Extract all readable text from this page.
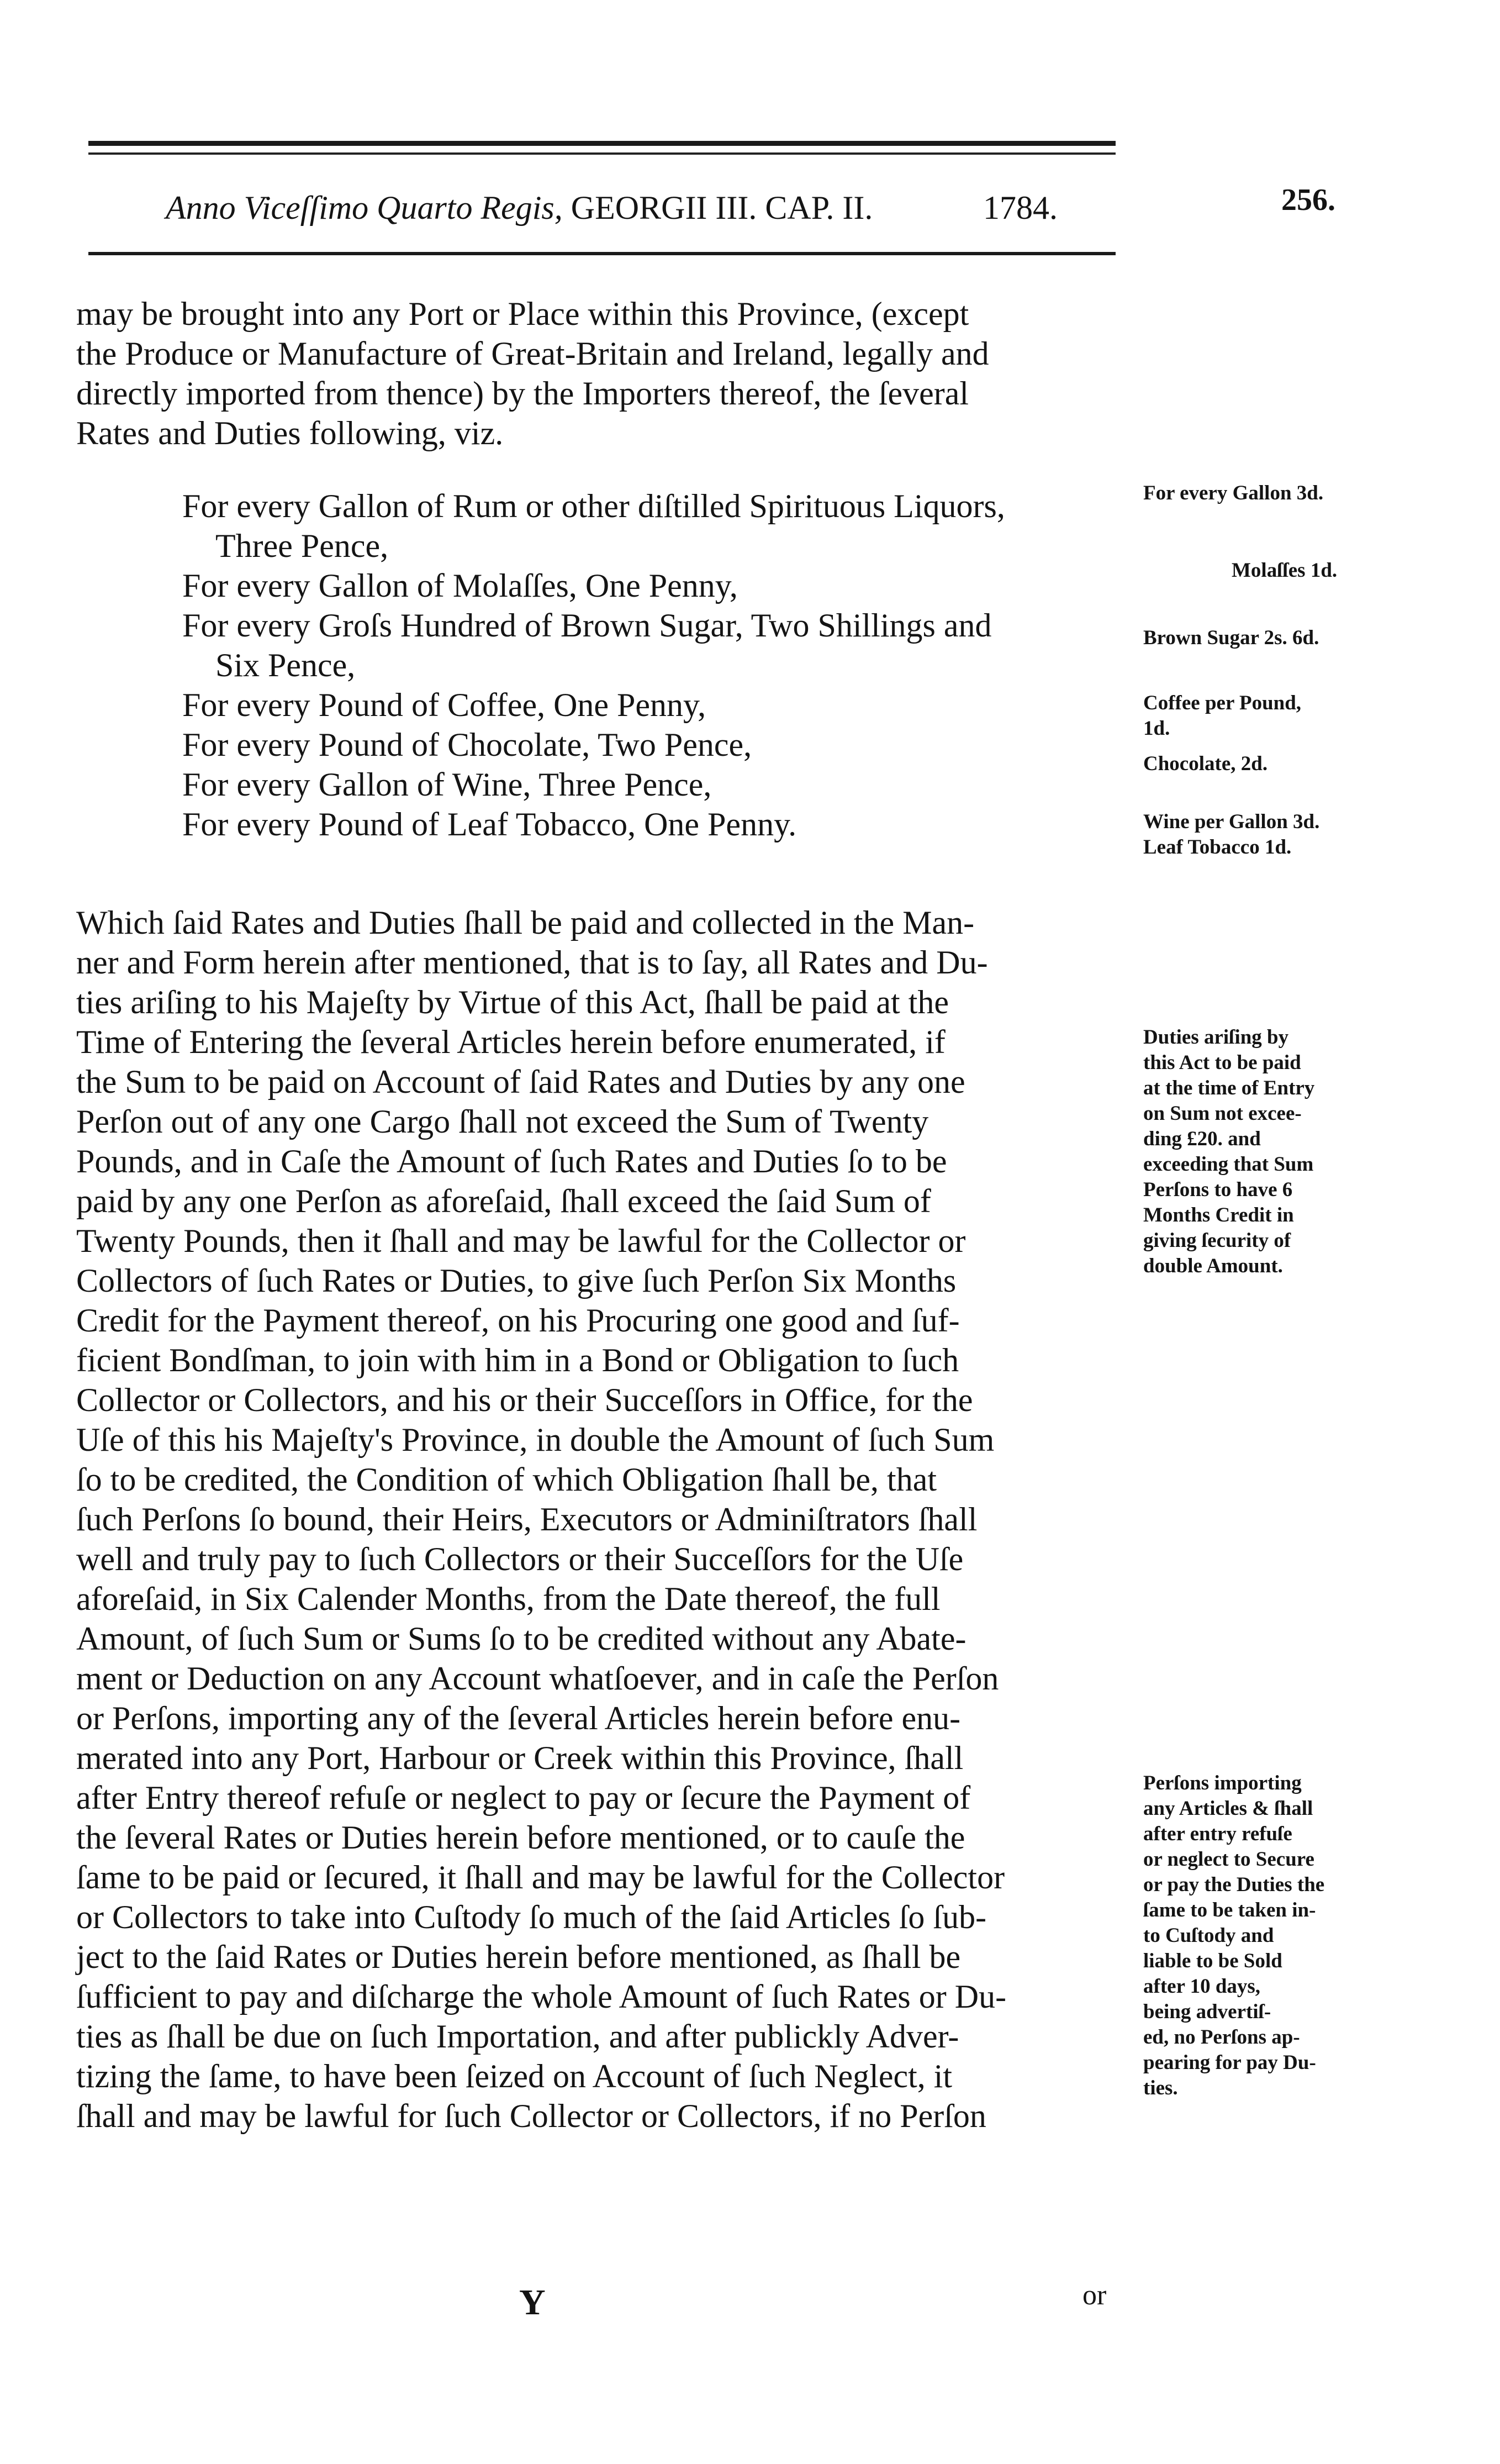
Anno Viceſſimo Quarto Regis, GEORGII III. CAP. II.	1784.	256.
may be brought into any Port or Place within this Province, (except
the Produce or Manufacture of Great-Britain and Ireland, legally and
directly imported from thence) by the Importers thereof, the ſeveral
Rates and Duties following, viz.
For every Gallon of Rum or other diſtilled Spirituous Liquors,
Three Pence,
For every Gallon of Molaſſes, One Penny,
For every Groſs Hundred of Brown Sugar, Two Shillings and
Six Pence,
For every Pound of Coffee, One Penny,
For every Pound of Chocolate, Two Pence,
For every Gallon of Wine, Three Pence,
For every Pound of Leaf Tobacco, One Penny.
Which ſaid Rates and Duties ſhall be paid and collected in the Man-
ner and Form herein after mentioned, that is to ſay, all Rates and Du-
ties ariſing to his Majeſty by Virtue of this Act, ſhall be paid at the
Time of Entering the ſeveral Articles herein before enumerated, if
the Sum to be paid on Account of ſaid Rates and Duties by any one
Perſon out of any one Cargo ſhall not exceed the Sum of Twenty
Pounds, and in Caſe the Amount of ſuch Rates and Duties ſo to be
paid by any one Perſon as aforeſaid, ſhall exceed the ſaid Sum of
Twenty Pounds, then it ſhall and may be lawful for the Collector or
Collectors of ſuch Rates or Duties, to give ſuch Perſon Six Months
Credit for the Payment thereof, on his Procuring one good and ſuf-
ficient Bondſman, to join with him in a Bond or Obligation to ſuch
Collector or Collectors, and his or their Succeſſors in Office, for the
Uſe of this his Majeſty's Province, in double the Amount of ſuch Sum
ſo to be credited, the Condition of which Obligation ſhall be, that
ſuch Perſons ſo bound, their Heirs, Executors or Adminiſtrators ſhall
well and truly pay to ſuch Collectors or their Succeſſors for the Uſe
aforeſaid, in Six Calender Months, from the Date thereof, the full
Amount, of ſuch Sum or Sums ſo to be credited without any Abate-
ment or Deduction on any Account whatſoever, and in caſe the Perſon
or Perſons, importing any of the ſeveral Articles herein before enu-
merated into any Port, Harbour or Creek within this Province, ſhall
after Entry thereof refuſe or neglect to pay or ſecure the Payment of
the ſeveral Rates or Duties herein before mentioned, or to cauſe the
ſame to be paid or ſecured, it ſhall and may be lawful for the Collector
or Collectors to take into Cuſtody ſo much of the ſaid Articles ſo ſub-
ject to the ſaid Rates or Duties herein before mentioned, as ſhall be
ſufficient to pay and diſcharge the whole Amount of ſuch Rates or Du-
ties as ſhall be due on ſuch Importation, and after publickly Adver-
tizing the ſame, to have been ſeized on Account of ſuch Neglect, it
ſhall and may be lawful for ſuch Collector or Collectors, if no Perſon
For every Gallon 3d.
Molaſſes 1d.
Brown Sugar 2s. 6d.
Coffee per Pound,
1d.
Chocolate, 2d.
Wine per Gallon 3d.
Leaf Tobacco 1d.
Duties ariſing by
this Act to be paid
at the time of Entry
on Sum not excee-
ding £20. and
exceeding that Sum
Perſons to have 6
Months Credit in
giving ſecurity of
double Amount.
Perſons importing
any Articles & ſhall
after entry refuſe
or neglect to Secure
or pay the Duties the
ſame to be taken in-
to Cuſtody and
liable to be Sold
after 10 days,
being advertiſ-
ed, no Perſons ap-
pearing for pay Du-
ties.
Y	or
